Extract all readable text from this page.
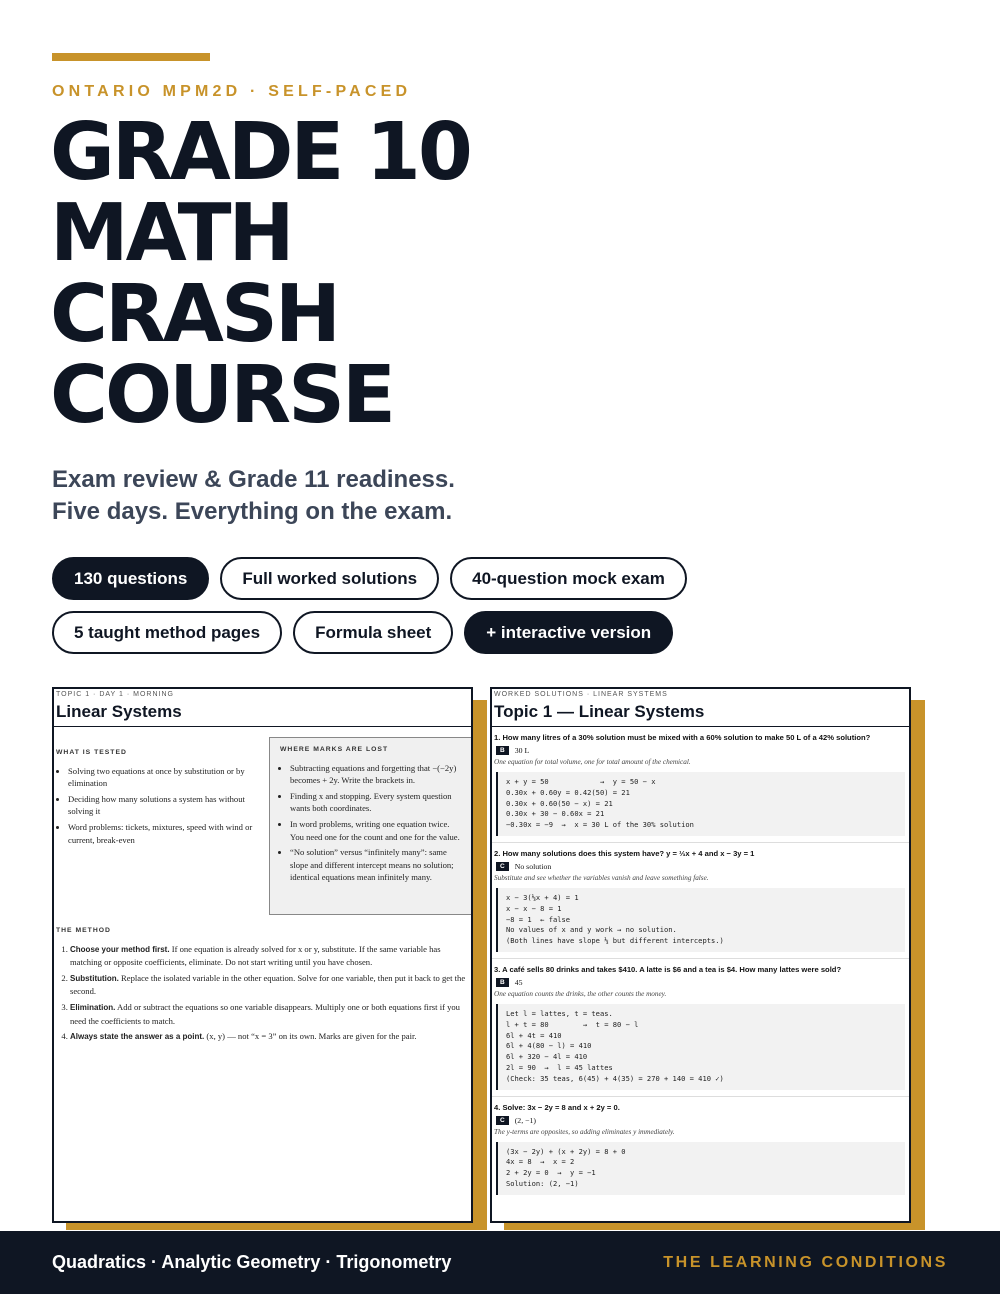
ONTARIO MPM2D · SELF-PACED
GRADE 10
MATH
CRASH
COURSE
Exam review & Grade 11 readiness.
Five days. Everything on the exam.
130 questions	Full worked solutions	40-question mock exam
5 taught method pages	Formula sheet	+ interactive version
TOPIC 1 · DAY 1 · MORNING
Linear Systems
WHAT IS TESTED
• Solving two equations at once by substitution or by elimination
• Deciding how many solutions a system has without solving it
• Word problems: tickets, mixtures, speed with wind or current, break-even
WHERE MARKS ARE LOST
• Subtracting equations and forgetting that −(−2y) becomes + 2y. Write the brackets in.
• Finding x and stopping. Every system question wants both coordinates.
• In word problems, writing one equation twice. You need one for the count and one for the value.
• “No solution” versus “infinitely many”: same slope and different intercept means no solution; identical equations mean infinitely many.
THE METHOD
1. Choose your method first. If one equation is already solved for x or y, substitute. If the same variable has matching or opposite coefficients, eliminate. Do not start writing until you have chosen.
2. Substitution. Replace the isolated variable in the other equation. Solve for one variable, then put it back to get the second.
3. Elimination. Add or subtract the equations so one variable disappears. Multiply one or both equations first if you need the coefficients to match.
4. Always state the answer as a point. (x, y) — not “x = 3” on its own. Marks are given for the pair.
WORKED SOLUTIONS · LINEAR SYSTEMS
Topic 1 — Linear Systems
1. How many litres of a 30% solution must be mixed with a 60% solution to make 50 L of a 42% solution?
B	30 L
One equation for total volume, one for total amount of the chemical.
x + y = 50            →  y = 50 − x
0.30x + 0.60y = 0.42(50) = 21
0.30x + 0.60(50 − x) = 21
0.30x + 30 − 0.60x = 21
−0.30x = −9  →  x = 30 L of the 30% solution
2. How many solutions does this system have? y = ⅓x + 4 and x − 3y = 1
C	No solution
Substitute and see whether the variables vanish and leave something false.
x − 3(⅓x + 4) = 1
x − x − 8 = 1
−8 = 1  ← false
No values of x and y work → no solution.
(Both lines have slope ⅓ but different intercepts.)
3. A café sells 80 drinks and takes $410. A latte is $6 and a tea is $4. How many lattes were sold?
B	45
One equation counts the drinks, the other counts the money.
Let l = lattes, t = teas.
l + t = 80        →  t = 80 − l
6l + 4t = 410
6l + 4(80 − l) = 410
6l + 320 − 4l = 410
2l = 90  →  l = 45 lattes
(Check: 35 teas, 6(45) + 4(35) = 270 + 140 = 410 ✓)
4. Solve: 3x − 2y = 8 and x + 2y = 0.
C	(2, −1)
The y-terms are opposites, so adding eliminates y immediately.
(3x − 2y) + (x + 2y) = 8 + 0
4x = 8  →  x = 2
2 + 2y = 0  →  y = −1
Solution: (2, −1)
Quadratics · Analytic Geometry · Trigonometry	THE LEARNING CONDITIONS
